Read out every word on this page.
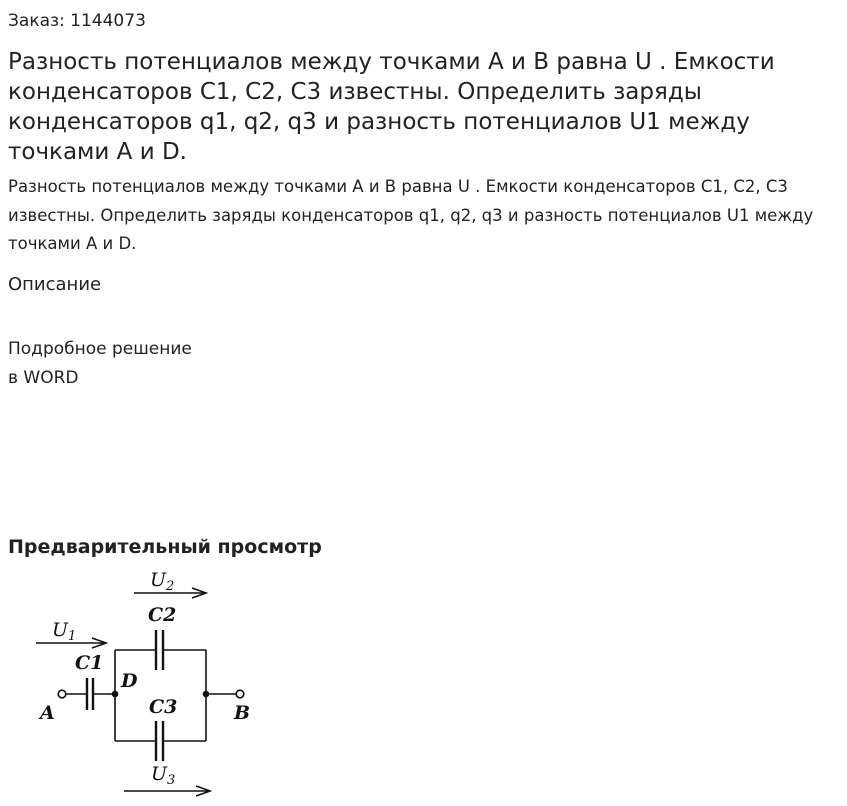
Заказ: 1144073
Разность потенциалов между точками A и B равна U . Емкости конденсаторов C1, C2, C3 известны. Определить заряды конденсаторов q1, q2, q3 и разность потенциалов U1 между точками A и D.

Разность потенциалов между точками A и B равна U . Емкости конденсаторов C1, C2, C3 известны. Определить заряды конденсаторов q1, q2, q3 и разность потенциалов U1 между точками A и D.

Описание
Подробное решение
в WORD
Предварительный просмотр
$U_2$
$U_1$
C2
C1
C3
D
A	B
$U_3$
